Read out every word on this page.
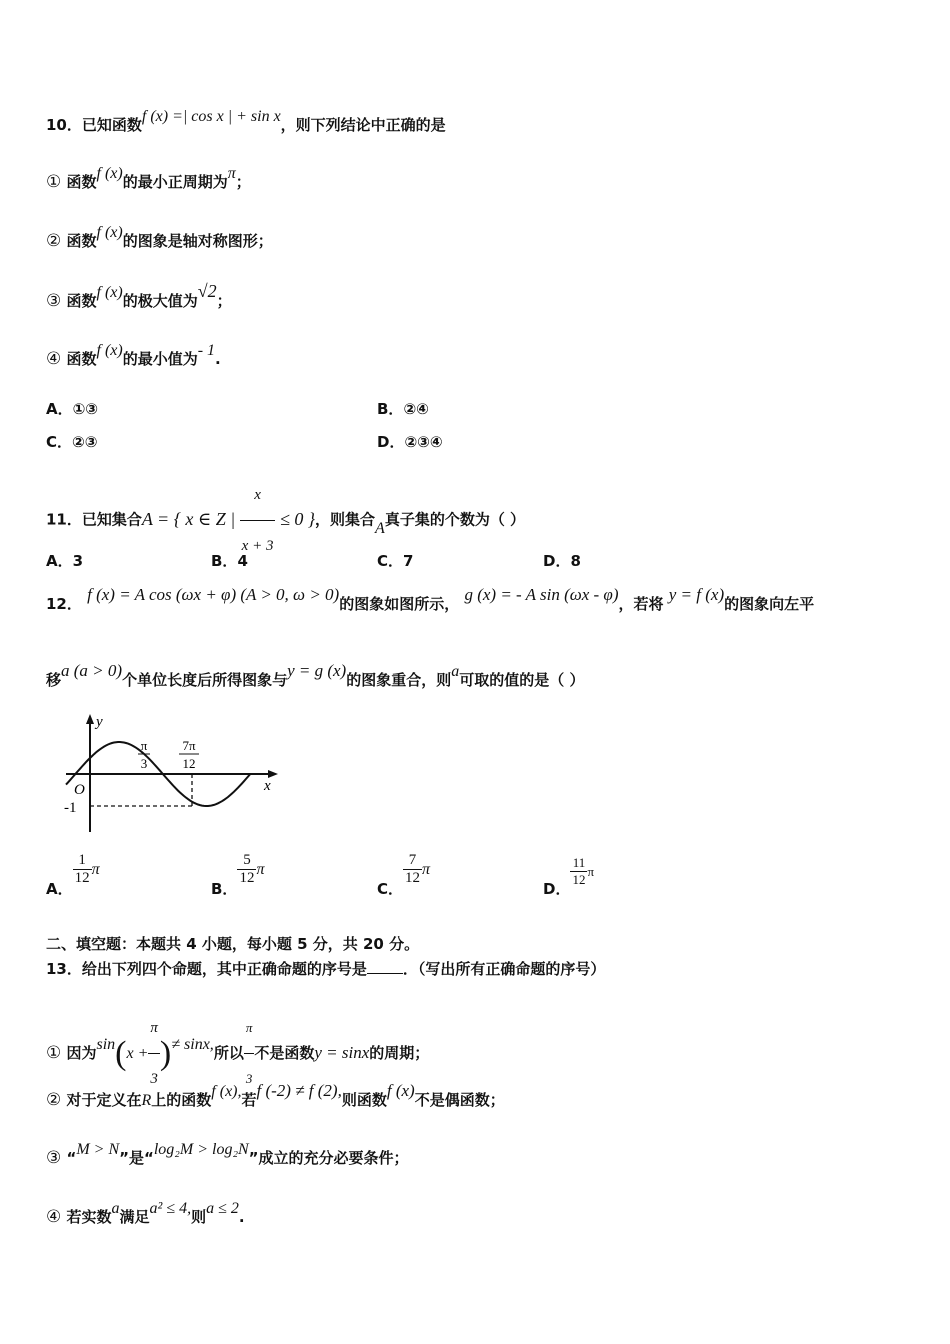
10．已知函数f (x) =| cos x | + sin x，则下列结论中正确的是
① 函数f (x)的最小正周期为π；
② 函数f (x)的图象是轴对称图形；
③ 函数f (x)的极大值为√2；
④ 函数f (x)的最小值为- 1.
A．①③	B．②④
C．②③	D．②③④
11．已知集合A = { x ∈ Z | $\frac{x}{x + 3} \le 0$ }，则集合A真子集的个数为（ ）
A．3	B．4	C．7	D．8
12． f (x) = A cos (ωx + φ) (A > 0, ω > 0)的图象如图所示， g (x) = - A sin (ωx - φ)，若将 y = f (x)的图象向左平
移a (a > 0)个单位长度后所得图象与y = g (x)的图象重合，则a可取的值的是（ ）
y
x
O
-1
π
3
7π
12
A．
$\frac{1}{12}$ π
B．
$\frac{5}{12}$ π
C．
$\frac{7}{12}$ π
D．
$\frac{11}{12}$ π
二、填空题：本题共 4 小题，每小题 5 分，共 20 分。
13．给出下列四个命题，其中正确命题的序号是 ．（写出所有正确命题的序号）
① 因为$\sin(x + \frac{\pi}{3}$ )≠ sinx,所以 $\frac{\pi}{3}$ 不是函数y = sinx的周期；
② 对于定义在R上的函数f (x),若f (-2) ≠ f (2),则函数f (x)不是偶函数；
③ “M > N”是“log₂M > log₂N”成立的充分必要条件；
④ 若实数a满足a² ≤ 4,则a ≤ 2.
